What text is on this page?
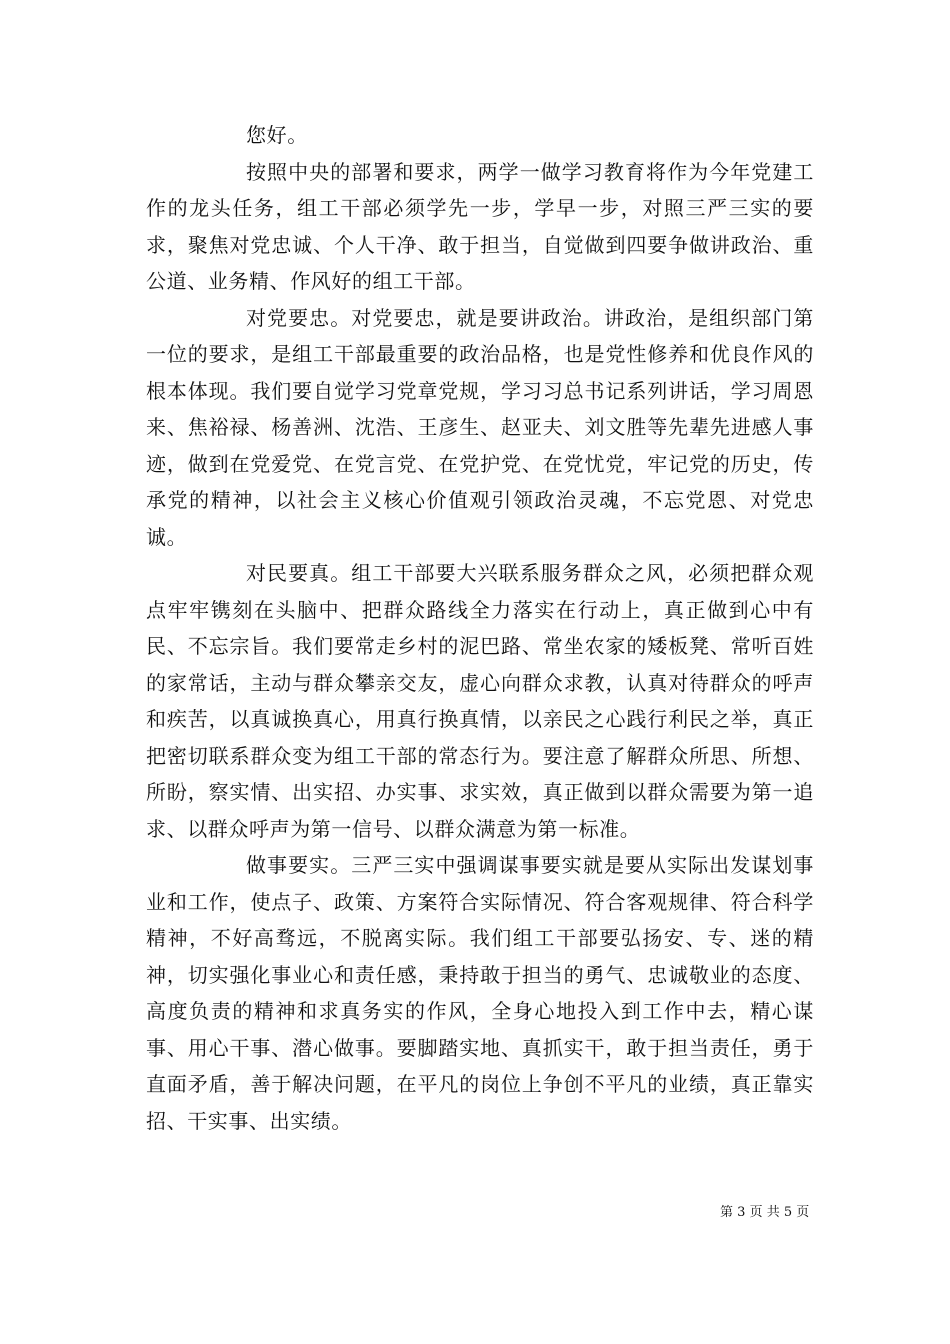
您好。

按照中央的部署和要求，两学一做学习教育将作为今年党建工作的龙头任务，组工干部必须学先一步，学早一步，对照三严三实的要求，聚焦对党忠诚、个人干净、敢于担当，自觉做到四要争做讲政治、重公道、业务精、作风好的组工干部。

对党要忠。对党要忠，就是要讲政治。讲政治，是组织部门第一位的要求，是组工干部最重要的政治品格，也是党性修养和优良作风的根本体现。我们要自觉学习党章党规，学习习总书记系列讲话，学习周恩来、焦裕禄、杨善洲、沈浩、王彦生、赵亚夫、刘文胜等先辈先进感人事迹，做到在党爱党、在党言党、在党护党、在党忧党，牢记党的历史，传承党的精神，以社会主义核心价值观引领政治灵魂，不忘党恩、对党忠诚。

对民要真。组工干部要大兴联系服务群众之风，必须把群众观点牢牢镌刻在头脑中、把群众路线全力落实在行动上，真正做到心中有民、不忘宗旨。我们要常走乡村的泥巴路、常坐农家的矮板凳、常听百姓的家常话，主动与群众攀亲交友，虚心向群众求教，认真对待群众的呼声和疾苦，以真诚换真心，用真行换真情，以亲民之心践行利民之举，真正把密切联系群众变为组工干部的常态行为。要注意了解群众所思、所想、所盼，察实情、出实招、办实事、求实效，真正做到以群众需要为第一追求、以群众呼声为第一信号、以群众满意为第一标准。

做事要实。三严三实中强调谋事要实就是要从实际出发谋划事业和工作，使点子、政策、方案符合实际情况、符合客观规律、符合科学精神，不好高骛远，不脱离实际。我们组工干部要弘扬安、专、迷的精神，切实强化事业心和责任感，秉持敢于担当的勇气、忠诚敬业的态度、高度负责的精神和求真务实的作风，全身心地投入到工作中去，精心谋事、用心干事、潜心做事。要脚踏实地、真抓实干，敢于担当责任，勇于直面矛盾，善于解决问题，在平凡的岗位上争创不平凡的业绩，真正靠实招、干实事、出实绩。

第 3 页 共 5 页
